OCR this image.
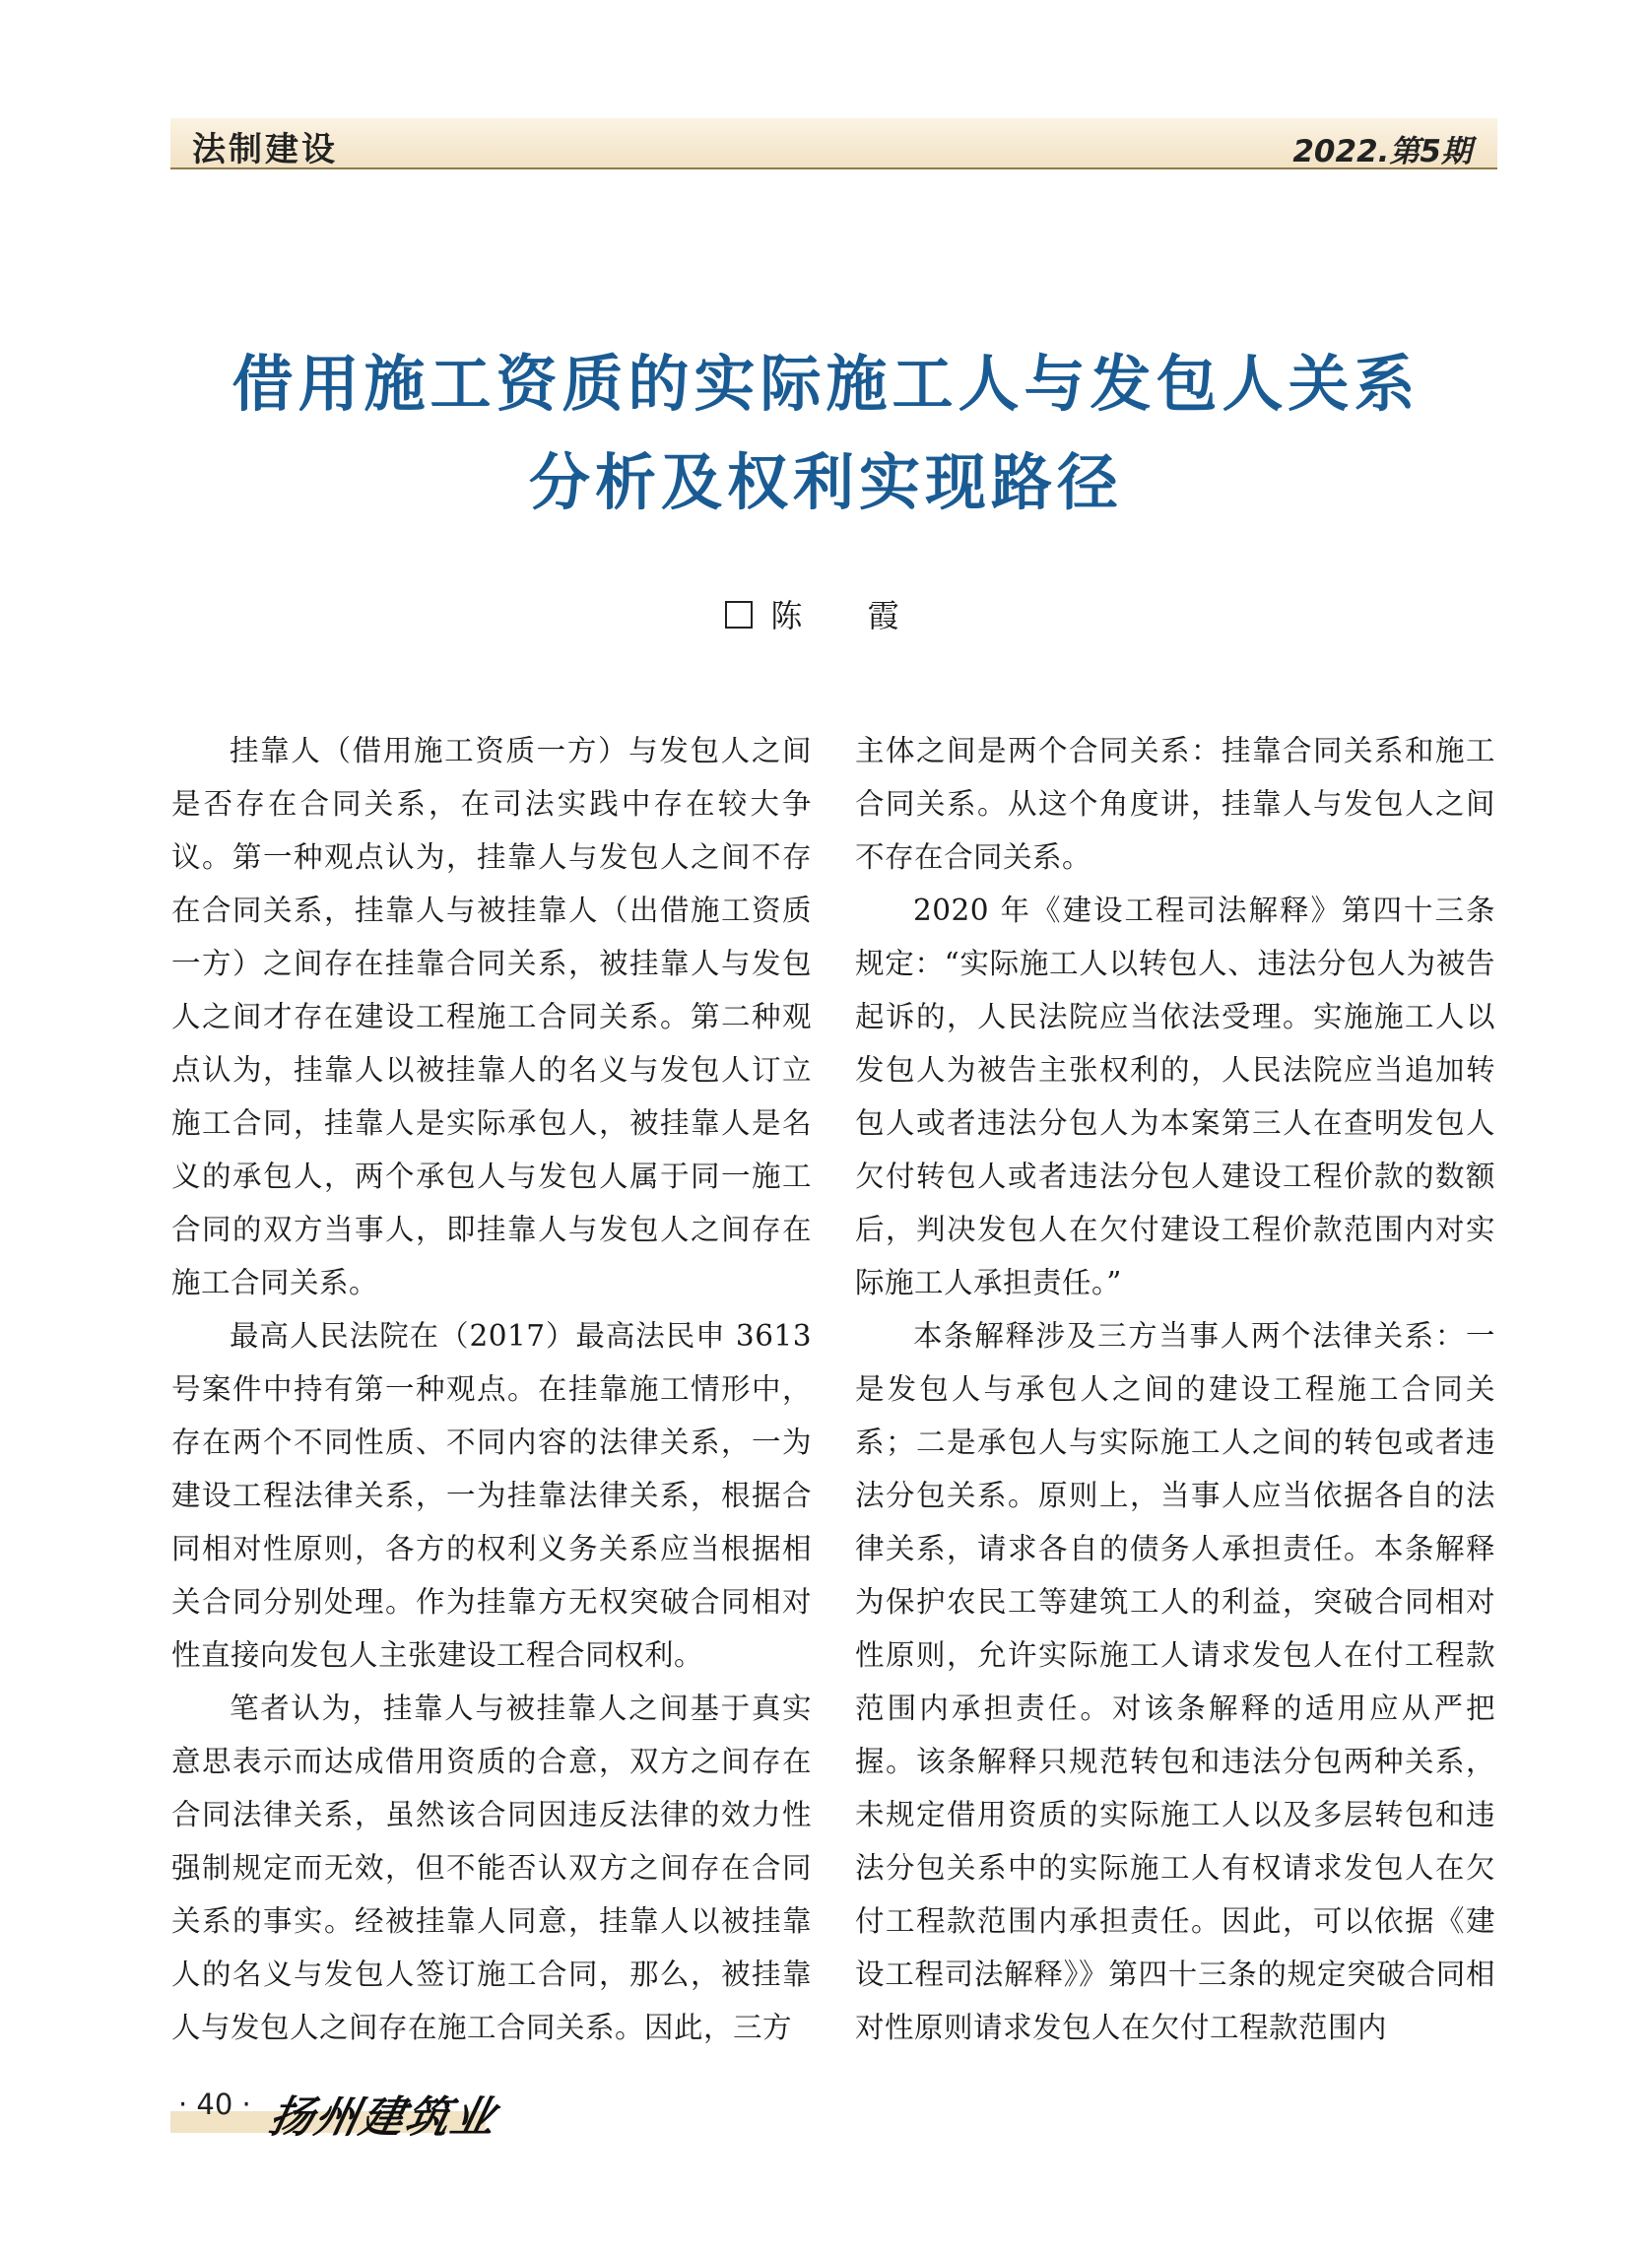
法制建设	2022.第5期
借用施工资质的实际施工人与发包人关系
分析及权利实现路径
陈 霞

挂靠人（借用施工资质一方）与发包人之间是否存在合同关系，在司法实践中存在较大争议。第一种观点认为，挂靠人与发包人之间不存在合同关系，挂靠人与被挂靠人（出借施工资质一方）之间存在挂靠合同关系，被挂靠人与发包人之间才存在建设工程施工合同关系。第二种观点认为，挂靠人以被挂靠人的名义与发包人订立施工合同，挂靠人是实际承包人，被挂靠人是名义的承包人，两个承包人与发包人属于同一施工合同的双方当事人，即挂靠人与发包人之间存在施工合同关系。

最高人民法院在（2017）最高法民申 3613号案件中持有第一种观点。在挂靠施工情形中，存在两个不同性质、不同内容的法律关系，一为建设工程法律关系，一为挂靠法律关系，根据合同相对性原则，各方的权利义务关系应当根据相关合同分别处理。作为挂靠方无权突破合同相对性直接向发包人主张建设工程合同权利。

笔者认为，挂靠人与被挂靠人之间基于真实意思表示而达成借用资质的合意，双方之间存在合同法律关系，虽然该合同因违反法律的效力性强制规定而无效，但不能否认双方之间存在合同关系的事实。经被挂靠人同意，挂靠人以被挂靠人的名义与发包人签订施工合同，那么，被挂靠人与发包人之间存在施工合同关系。因此，三方

主体之间是两个合同关系：挂靠合同关系和施工合同关系。从这个角度讲，挂靠人与发包人之间不存在合同关系。

2020 年《建设工程司法解释》第四十三条规定：“实际施工人以转包人、违法分包人为被告起诉的，人民法院应当依法受理。实施施工人以发包人为被告主张权利的，人民法院应当追加转包人或者违法分包人为本案第三人在查明发包人欠付转包人或者违法分包人建设工程价款的数额后，判决发包人在欠付建设工程价款范围内对实际施工人承担责任。”

本条解释涉及三方当事人两个法律关系：一是发包人与承包人之间的建设工程施工合同关系；二是承包人与实际施工人之间的转包或者违法分包关系。原则上，当事人应当依据各自的法律关系，请求各自的债务人承担责任。本条解释为保护农民工等建筑工人的利益，突破合同相对性原则，允许实际施工人请求发包人在付工程款范围内承担责任。对该条解释的适用应从严把握。该条解释只规范转包和违法分包两种关系，未规定借用资质的实际施工人以及多层转包和违法分包关系中的实际施工人有权请求发包人在欠付工程款范围内承担责任。因此，可以依据《建设工程司法解释》》第四十三条的规定突破合同相对性原则请求发包人在欠付工程款范围内

· 40 · 扬州建筑业
